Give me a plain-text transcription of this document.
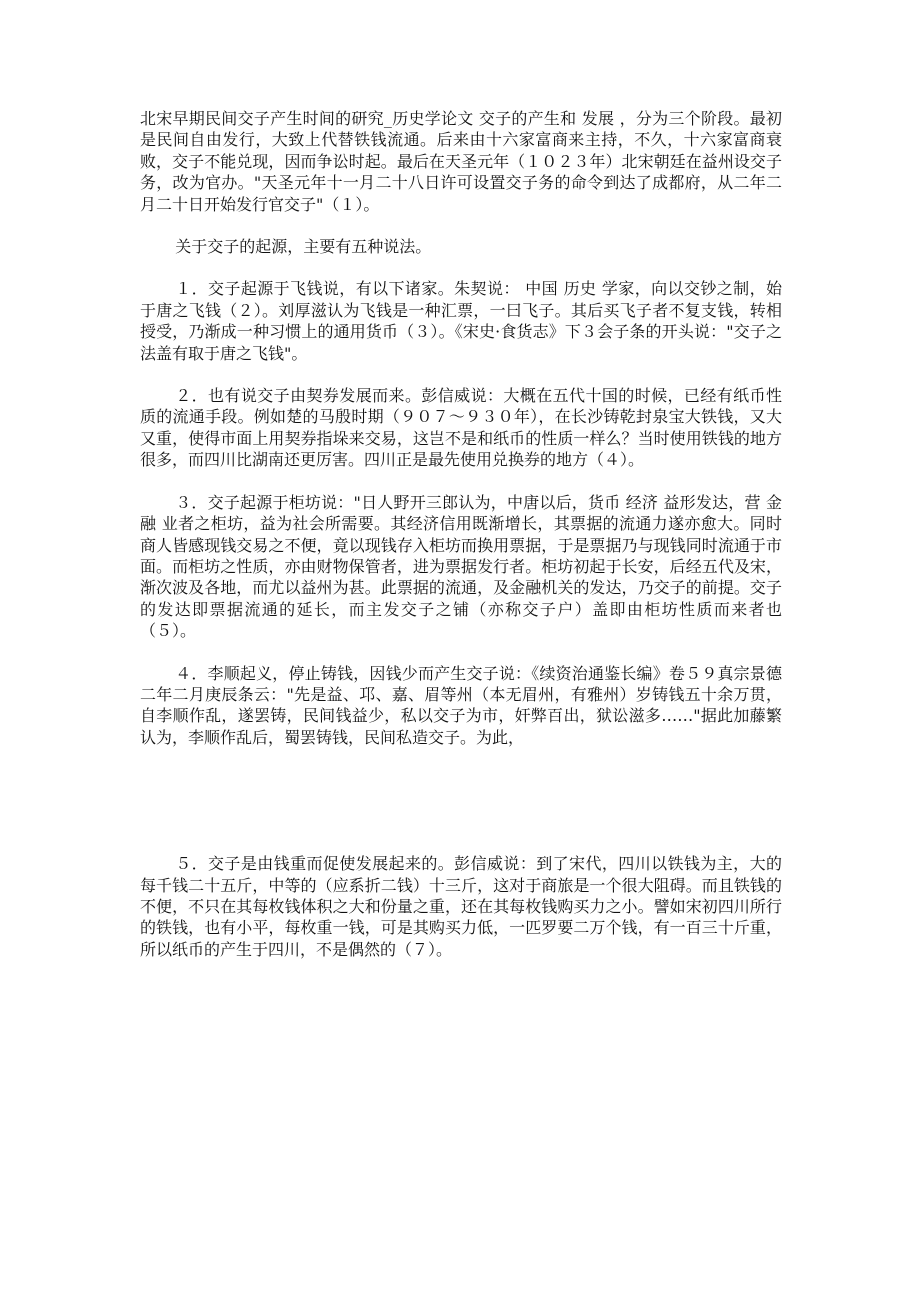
北宋早期民间交子产生时间的研究_历史学论文 交子的产生和 发展 ，分为三个阶段。最初是民间自由发行，大致上代替铁钱流通。后来由十六家富商来主持，不久，十六家富商衰败，交子不能兑现，因而争讼时起。最后在天圣元年（１０２３年）北宋朝廷在益州设交子务，改为官办。"天圣元年十一月二十八日许可设置交子务的命令到达了成都府，从二年二月二十日开始发行官交子"（１）。

关于交子的起源，主要有五种说法。

１．交子起源于飞钱说，有以下诸家。朱契说： 中国 历史 学家，向以交钞之制，始于唐之飞钱（２）。刘厚滋认为飞钱是一种汇票，一曰飞子。其后买飞子者不复支钱，转相授受，乃渐成一种习惯上的通用货币（３）。《宋史·食货志》下３会子条的开头说："交子之法盖有取于唐之飞钱"。

２．也有说交子由契券发展而来。彭信威说：大概在五代十国的时候，已经有纸币性质的流通手段。例如楚的马殷时期（９０７～９３０年），在长沙铸乾封泉宝大铁钱，又大又重，使得市面上用契券指垛来交易，这岂不是和纸币的性质一样么？当时使用铁钱的地方很多，而四川比湖南还更厉害。四川正是最先使用兑换券的地方（４）。

３．交子起源于柜坊说："日人野开三郎认为，中唐以后，货币 经济 益形发达，营 金融 业者之柜坊，益为社会所需要。其经济信用既渐增长，其票据的流通力遂亦愈大。同时商人皆感现钱交易之不便，竟以现钱存入柜坊而换用票据，于是票据乃与现钱同时流通于市面。而柜坊之性质，亦由财物保管者，进为票据发行者。柜坊初起于长安，后经五代及宋，渐次波及各地，而尤以益州为甚。此票据的流通，及金融机关的发达，乃交子的前提。交子的发达即票据流通的延长，而主发交子之铺（亦称交子户）盖即由柜坊性质而来者也（５）。

４．李顺起义，停止铸钱，因钱少而产生交子说：《续资治通鉴长编》卷５９真宗景德二年二月庚辰条云："先是益、邛、嘉、眉等州（本无眉州，有雅州）岁铸钱五十余万贯，自李顺作乱，遂罢铸，民间钱益少，私以交子为市，奸弊百出，狱讼滋多……"据此加藤繁认为，李顺作乱后，蜀罢铸钱，民间私造交子。为此，

５．交子是由钱重而促使发展起来的。彭信威说：到了宋代，四川以铁钱为主，大的每千钱二十五斤，中等的（应系折二钱）十三斤，这对于商旅是一个很大阻碍。而且铁钱的不便，不只在其每枚钱体积之大和份量之重，还在其每枚钱购买力之小。譬如宋初四川所行的铁钱，也有小平，每枚重一钱，可是其购买力低，一匹罗要二万个钱，有一百三十斤重，所以纸币的产生于四川，不是偶然的（７）。
